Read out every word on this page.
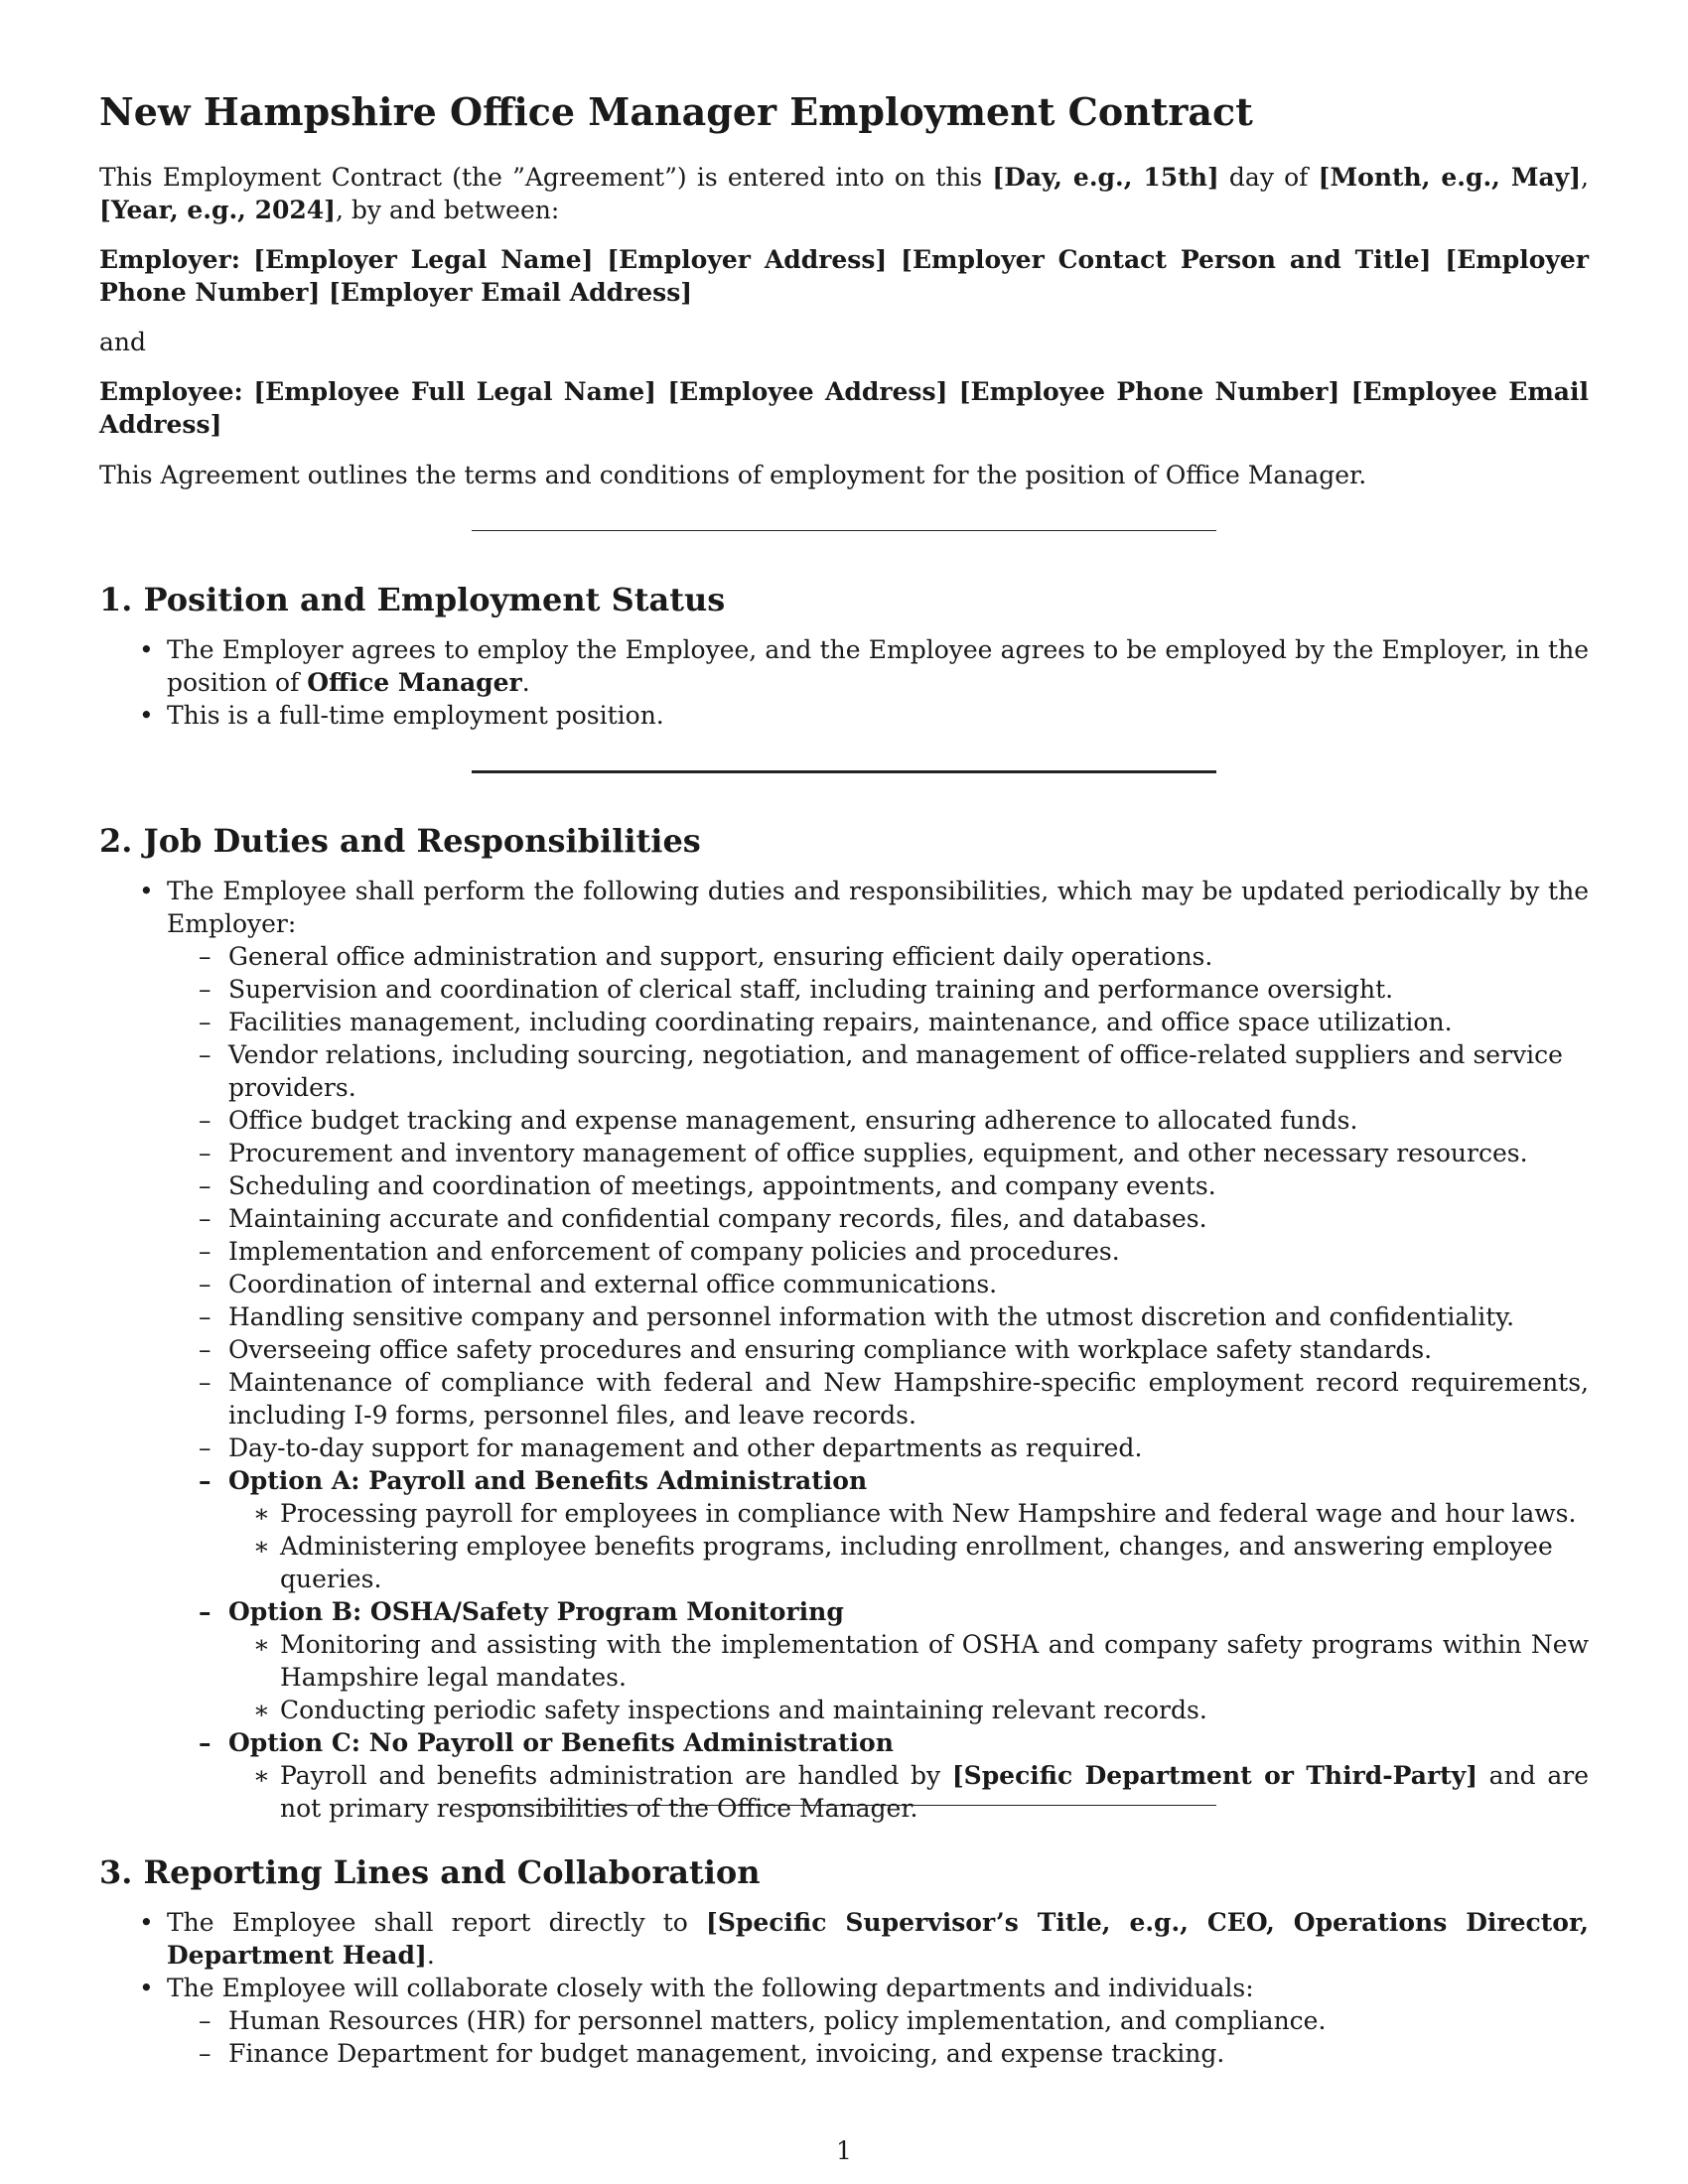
New Hampshire Office Manager Employment Contract

This Employment Contract (the ”Agreement”) is entered into on this [Day, e.g., 15th] day of [Month, e.g., May], [Year, e.g., 2024], by and between:

Employer: [Employer Legal Name] [Employer Address] [Employer Contact Person and Title] [Employer Phone Number] [Employer Email Address]

and

Employee: [Employee Full Legal Name] [Employee Address] [Employee Phone Number] [Employee Email Address]

This Agreement outlines the terms and conditions of employment for the position of Office Manager.

1. Position and Employment Status
• The Employer agrees to employ the Employee, and the Employee agrees to be employed by the Employer, in the position of Office Manager.
• This is a full-time employment position.
2. Job Duties and Responsibilities
• The Employee shall perform the following duties and responsibilities, which may be updated periodically by the Employer:
– General office administration and support, ensuring efficient daily operations.
– Supervision and coordination of clerical staff, including training and performance oversight.
– Facilities management, including coordinating repairs, maintenance, and office space utilization.
– Vendor relations, including sourcing, negotiation, and management of office-related suppliers and service providers.
– Office budget tracking and expense management, ensuring adherence to allocated funds.
– Procurement and inventory management of office supplies, equipment, and other necessary resources.
– Scheduling and coordination of meetings, appointments, and company events.
– Maintaining accurate and confidential company records, files, and databases.
– Implementation and enforcement of company policies and procedures.
– Coordination of internal and external office communications.
– Handling sensitive company and personnel information with the utmost discretion and confidentiality.
– Overseeing office safety procedures and ensuring compliance with workplace safety standards.
– Maintenance of compliance with federal and New Hampshire-specific employment record requirements, including I-9 forms, personnel files, and leave records.
– Day-to-day support for management and other departments as required.
– Option A: Payroll and Benefits Administration
∗ Processing payroll for employees in compliance with New Hampshire and federal wage and hour laws.
∗ Administering employee benefits programs, including enrollment, changes, and answering employee queries.
– Option B: OSHA/Safety Program Monitoring
∗ Monitoring and assisting with the implementation of OSHA and company safety programs within New Hampshire legal mandates.
∗ Conducting periodic safety inspections and maintaining relevant records.
– Option C: No Payroll or Benefits Administration
∗ Payroll and benefits administration are handled by [Specific Department or Third-Party] and are not primary responsibilities of the Office Manager.
3. Reporting Lines and Collaboration
• The Employee shall report directly to [Specific Supervisor’s Title, e.g., CEO, Operations Director, Department Head].
• The Employee will collaborate closely with the following departments and individuals:
– Human Resources (HR) for personnel matters, policy implementation, and compliance.
– Finance Department for budget management, invoicing, and expense tracking.
1
